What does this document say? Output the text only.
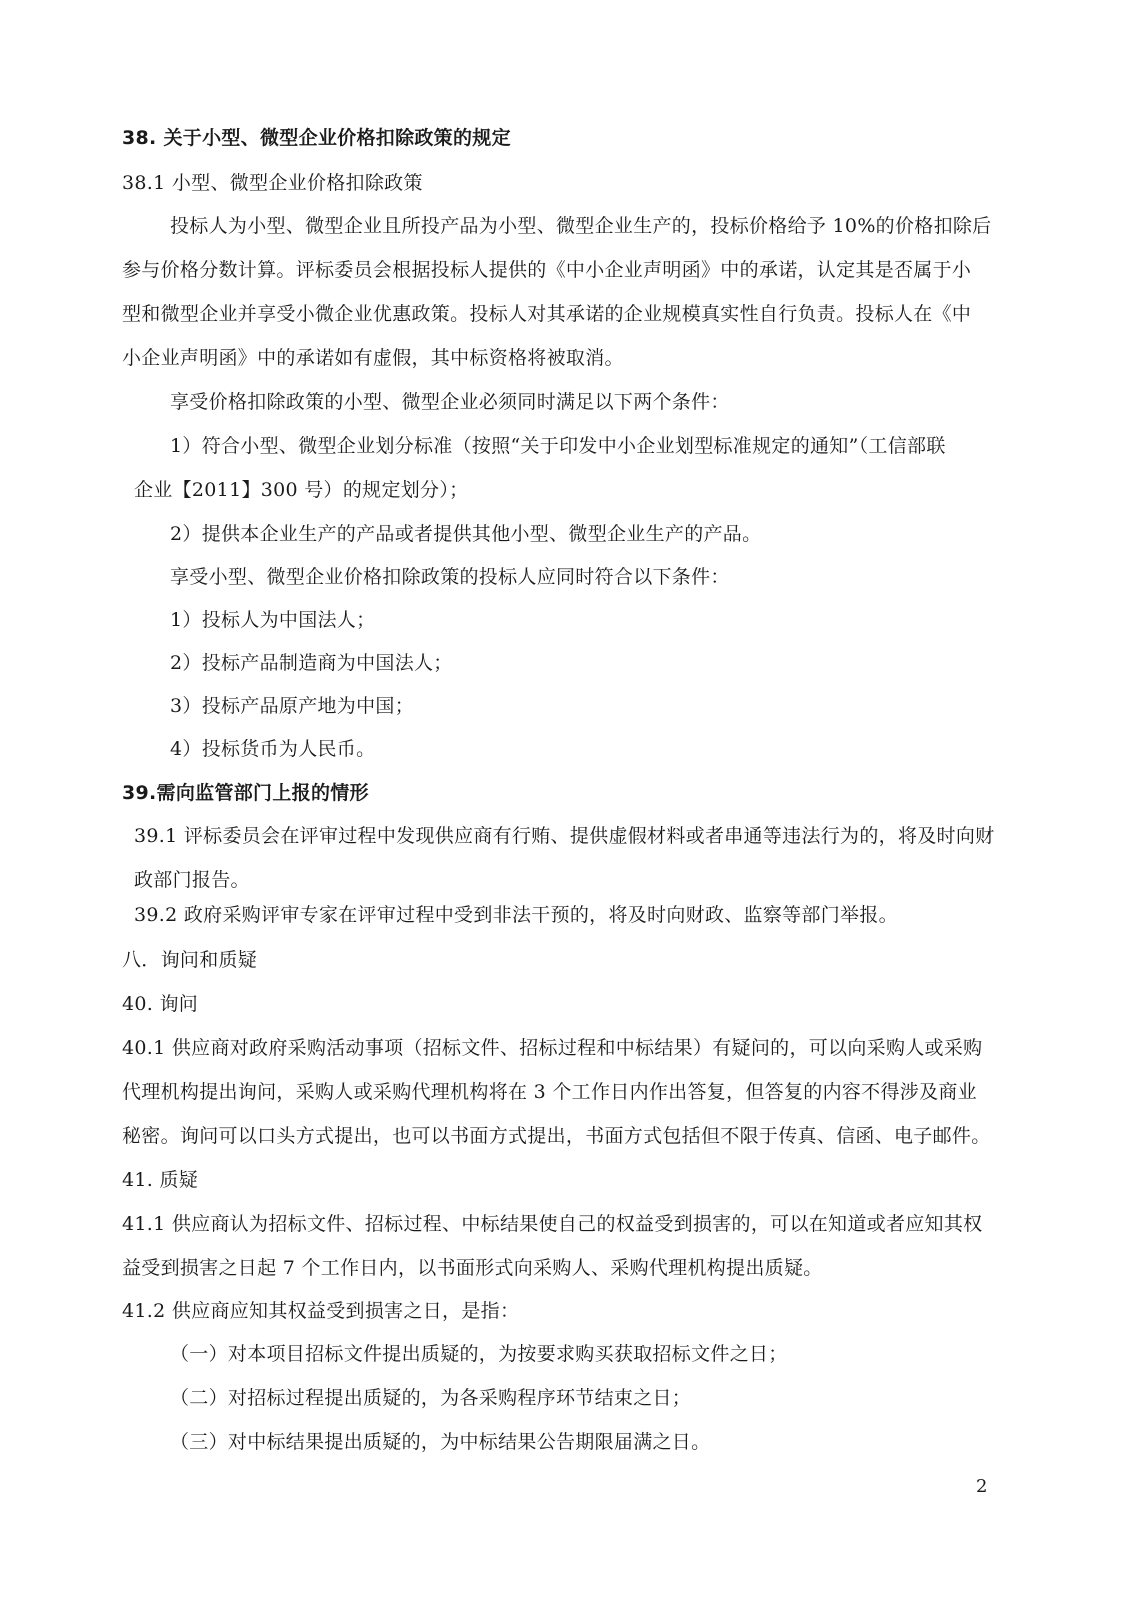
38. 关于小型、微型企业价格扣除政策的规定
38.1 小型、微型企业价格扣除政策
投标人为小型、微型企业且所投产品为小型、微型企业生产的，投标价格给予 10%的价格扣除后
参与价格分数计算。评标委员会根据投标人提供的《中小企业声明函》中的承诺，认定其是否属于小
型和微型企业并享受小微企业优惠政策。投标人对其承诺的企业规模真实性自行负责。投标人在《中
小企业声明函》中的承诺如有虚假，其中标资格将被取消。
享受价格扣除政策的小型、微型企业必须同时满足以下两个条件：
1）符合小型、微型企业划分标准（按照“关于印发中小企业划型标准规定的通知”（工信部联
企业【2011】300 号）的规定划分）；
2）提供本企业生产的产品或者提供其他小型、微型企业生产的产品。
享受小型、微型企业价格扣除政策的投标人应同时符合以下条件：
1）投标人为中国法人；
2）投标产品制造商为中国法人；
3）投标产品原产地为中国；
4）投标货币为人民币。
39.需向监管部门上报的情形
39.1 评标委员会在评审过程中发现供应商有行贿、提供虚假材料或者串通等违法行为的，将及时向财
政部门报告。
39.2 政府采购评审专家在评审过程中受到非法干预的，将及时向财政、监察等部门举报。
八．询问和质疑
40. 询问
40.1 供应商对政府采购活动事项（招标文件、招标过程和中标结果）有疑问的，可以向采购人或采购
代理机构提出询问，采购人或采购代理机构将在 3 个工作日内作出答复，但答复的内容不得涉及商业
秘密。询问可以口头方式提出，也可以书面方式提出，书面方式包括但不限于传真、信函、电子邮件。
41. 质疑
41.1 供应商认为招标文件、招标过程、中标结果使自己的权益受到损害的，可以在知道或者应知其权
益受到损害之日起 7 个工作日内，以书面形式向采购人、采购代理机构提出质疑。
41.2 供应商应知其权益受到损害之日，是指：
（一）对本项目招标文件提出质疑的，为按要求购买获取招标文件之日；
（二）对招标过程提出质疑的，为各采购程序环节结束之日；
（三）对中标结果提出质疑的，为中标结果公告期限届满之日。
2
